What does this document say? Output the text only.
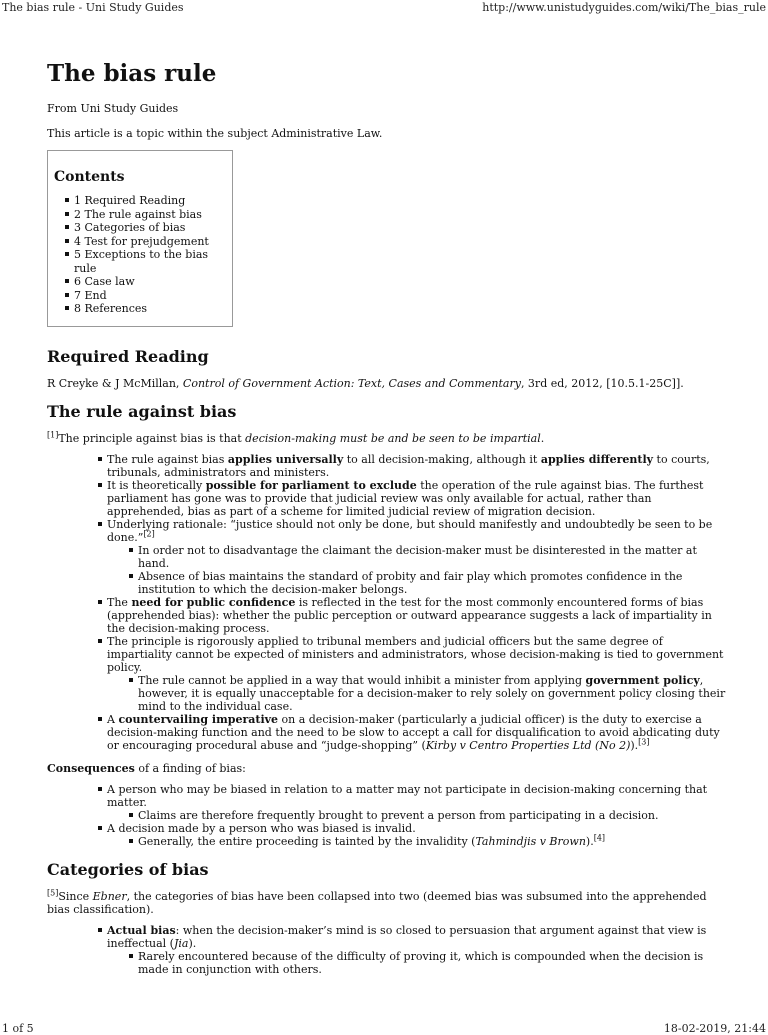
The bias rule - Uni Study Guides	http://www.unistudyguides.com/wiki/The_bias_rule
The bias rule

From Uni Study Guides

This article is a topic within the subject Administrative Law.

Contents
1 Required Reading
2 The rule against bias
3 Categories of bias
4 Test for prejudgement
5 Exceptions to the bias rule
6 Case law
7 End
8 References
Required Reading

R Creyke & J McMillan, Control of Government Action: Text, Cases and Commentary, 3rd ed, 2012, [10.5.1-25C]].

The rule against bias

[1]The principle against bias is that decision-making must be and be seen to be impartial.

The rule against bias applies universally to all decision-making, although it applies differently to courts, tribunals, administrators and ministers.
It is theoretically possible for parliament to exclude the operation of the rule against bias. The furthest parliament has gone was to provide that judicial review was only available for actual, rather than apprehended, bias as part of a scheme for limited judicial review of migration decision.
Underlying rationale: “justice should not only be done, but should manifestly and undoubtedly be seen to be done.”[2]
In order not to disadvantage the claimant the decision-maker must be disinterested in the matter at hand.
Absence of bias maintains the standard of probity and fair play which promotes confidence in the institution to which the decision-maker belongs.
The need for public confidence is reflected in the test for the most commonly encountered forms of bias (apprehended bias): whether the public perception or outward appearance suggests a lack of impartiality in the decision-making process.
The principle is rigorously applied to tribunal members and judicial officers but the same degree of impartiality cannot be expected of ministers and administrators, whose decision-making is tied to government policy.
The rule cannot be applied in a way that would inhibit a minister from applying government policy, however, it is equally unacceptable for a decision-maker to rely solely on government policy closing their mind to the individual case.
A countervailing imperative on a decision-maker (particularly a judicial officer) is the duty to exercise a decision-making function and the need to be slow to accept a call for disqualification to avoid abdicating duty or encouraging procedural abuse and “judge-shopping” (Kirby v Centro Properties Ltd (No 2)).[3]

Consequences of a finding of bias:

A person who may be biased in relation to a matter may not participate in decision-making concerning that matter.
Claims are therefore frequently brought to prevent a person from participating in a decision.
A decision made by a person who was biased is invalid.
Generally, the entire proceeding is tainted by the invalidity (Tahmindjis v Brown).[4]
Categories of bias

[5]Since Ebner, the categories of bias have been collapsed into two (deemed bias was subsumed into the apprehended bias classification).

Actual bias: when the decision-maker’s mind is so closed to persuasion that argument against that view is ineffectual (Jia).
Rarely encountered because of the difficulty of proving it, which is compounded when the decision is made in conjunction with others.
1 of 5	18-02-2019, 21:44
